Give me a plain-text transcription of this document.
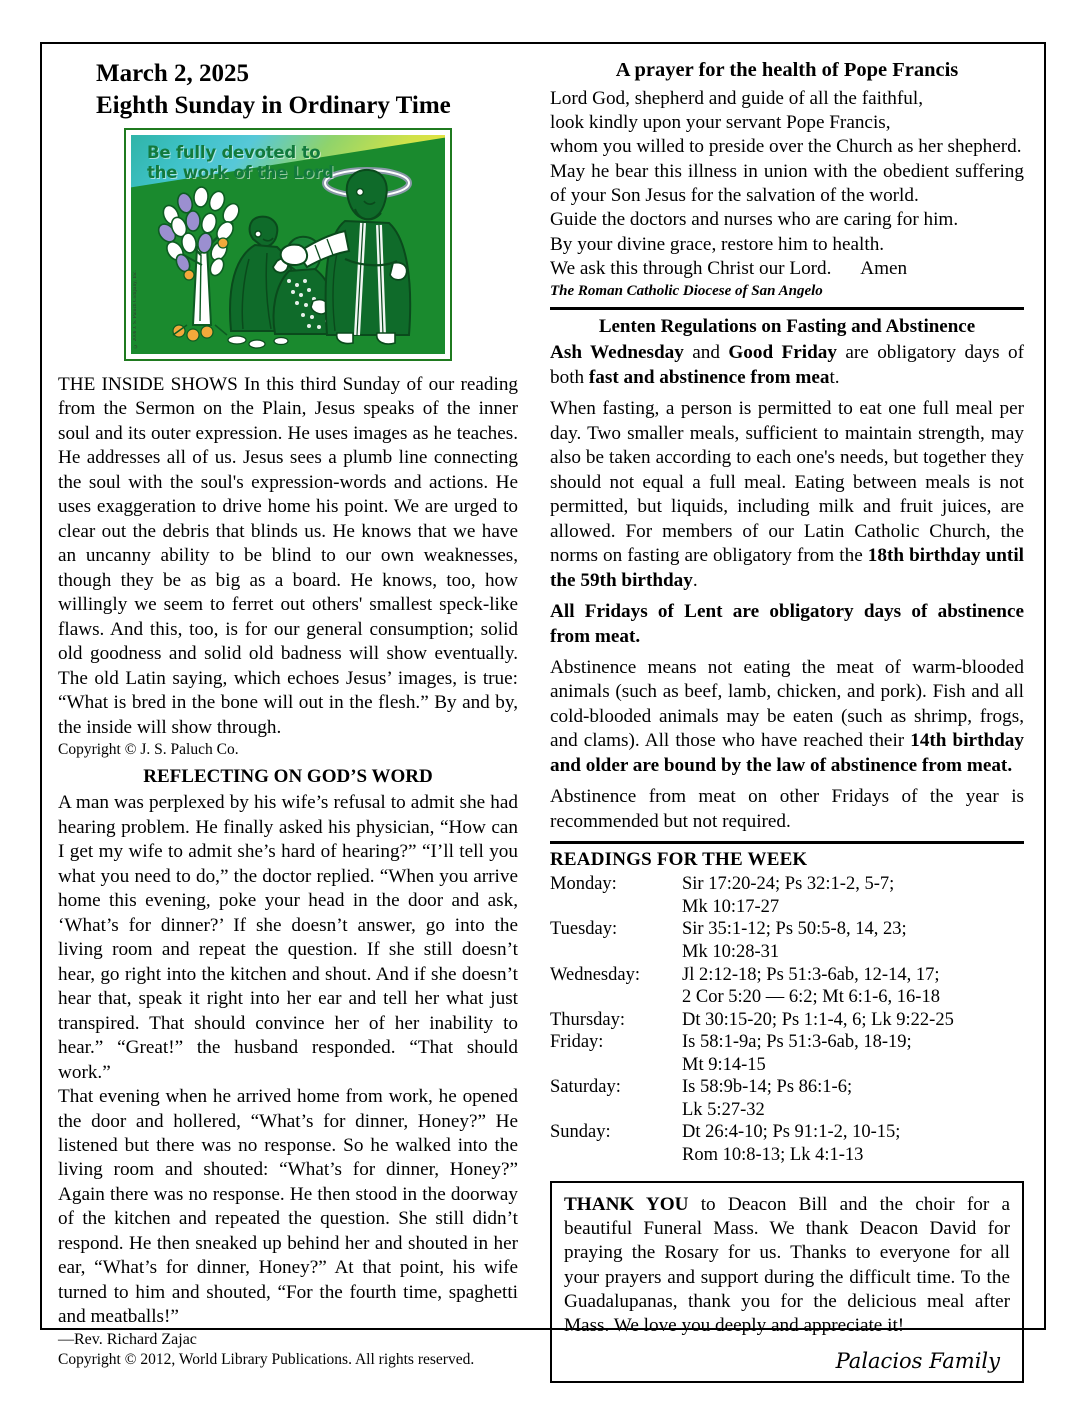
March 2, 2025
Eighth Sunday in Ordinary Time
Be fully devoted to
the work of the Lord
© 2006 J. S. Paluch Company, Inc.

THE INSIDE SHOWS In this third Sunday of our reading from the Sermon on the Plain, Jesus speaks of the inner soul and its outer expression. He uses images as he teaches. He addresses all of us. Jesus sees a plumb line connecting the soul with the soul's expression-words and actions. He uses exaggeration to drive home his point. We are urged to clear out the debris that blinds us. He knows that we have an uncanny ability to be blind to our own weaknesses, though they be as big as a board. He knows, too, how willingly we seem to ferret out others' smallest speck-like flaws. And this, too, is for our general consumption; solid old goodness and solid old badness will show eventually. The old Latin saying, which echoes Jesus’ images, is true: “What is bred in the bone will out in the flesh.” By and by, the inside will show through.

Copyright © J. S. Paluch Co.

REFLECTING ON GOD’S WORD

A man was perplexed by his wife’s refusal to admit she had hearing problem. He finally asked his physician, “How can I get my wife to admit she’s hard of hearing?” “I’ll tell you what you need to do,” the doctor replied. “When you arrive home this evening, poke your head in the door and ask, ‘What’s for dinner?’ If she doesn’t answer, go into the living room and repeat the question. If she still doesn’t hear, go right into the kitchen and shout. And if she doesn’t hear that, speak it right into her ear and tell her what just transpired. That should convince her of her inability to hear.” “Great!” the husband responded. “That should work.”

That evening when he arrived home from work, he opened the door and hollered, “What’s for dinner, Honey?” He listened but there was no response. So he walked into the living room and shouted: “What’s for dinner, Honey?” Again there was no response. He then stood in the doorway of the kitchen and repeated the question. She still didn’t respond. He then sneaked up behind her and shouted in her ear, “What’s for dinner, Honey?” At that point, his wife turned to him and shouted, “For the fourth time, spaghetti and meatballs!”

—Rev. Richard Zajac

Copyright © 2012, World Library Publications. All rights reserved.

A prayer for the health of Pope Francis

Lord God, shepherd and guide of all the faithful,

look kindly upon your servant Pope Francis,

whom you willed to preside over the Church as her shepherd.

May he bear this illness in union with the obedient suffering of your Son Jesus for the salvation of the world.

Guide the doctors and nurses who are caring for him.

By your divine grace, restore him to health.

We ask this through Christ our Lord. Amen

The Roman Catholic Diocese of San Angelo

Lenten Regulations on Fasting and Abstinence

Ash Wednesday and Good Friday are obligatory days of both fast and abstinence from meat.

When fasting, a person is permitted to eat one full meal per day. Two smaller meals, sufficient to maintain strength, may also be taken according to each one's needs, but together they should not equal a full meal. Eating between meals is not permitted, but liquids, including milk and fruit juices, are allowed. For members of our Latin Catholic Church, the norms on fasting are obligatory from the 18th birthday until the 59th birthday.

All Fridays of Lent are obligatory days of abstinence from meat.

Abstinence means not eating the meat of warm-blooded animals (such as beef, lamb, chicken, and pork). Fish and all cold-blooded animals may be eaten (such as shrimp, frogs, and clams). All those who have reached their 14th birthday and older are bound by the law of abstinence from meat.

Abstinence from meat on other Fridays of the year is recommended but not required.

READINGS FOR THE WEEK
Monday:	Sir 17:20-24; Ps 32:1-2, 5-7;
Mk 10:17-27

Tuesday:	Sir 35:1-12; Ps 50:5-8, 14, 23;
Mk 10:28-31

Wednesday:	Jl 2:12-18; Ps 51:3-6ab, 12-14, 17;
2 Cor 5:20 — 6:2; Mt 6:1-6, 16-18

Thursday:	Dt 30:15-20; Ps 1:1-4, 6; Lk 9:22-25

Friday:	Is 58:1-9a; Ps 51:3-6ab, 18-19;
Mt 9:14-15

Saturday:	Is 58:9b-14; Ps 86:1-6;
Lk 5:27-32

Sunday:	Dt 26:4-10; Ps 91:1-2, 10-15;
Rom 10:8-13; Lk 4:1-13

THANK YOU to Deacon Bill and the choir for a beautiful Funeral Mass. We thank Deacon David for praying the Rosary for us. Thanks to everyone for all your prayers and support during the difficult time. To the Guadalupanas, thank you for the delicious meal after Mass. We love you deeply and appreciate it!

Palacios Family
